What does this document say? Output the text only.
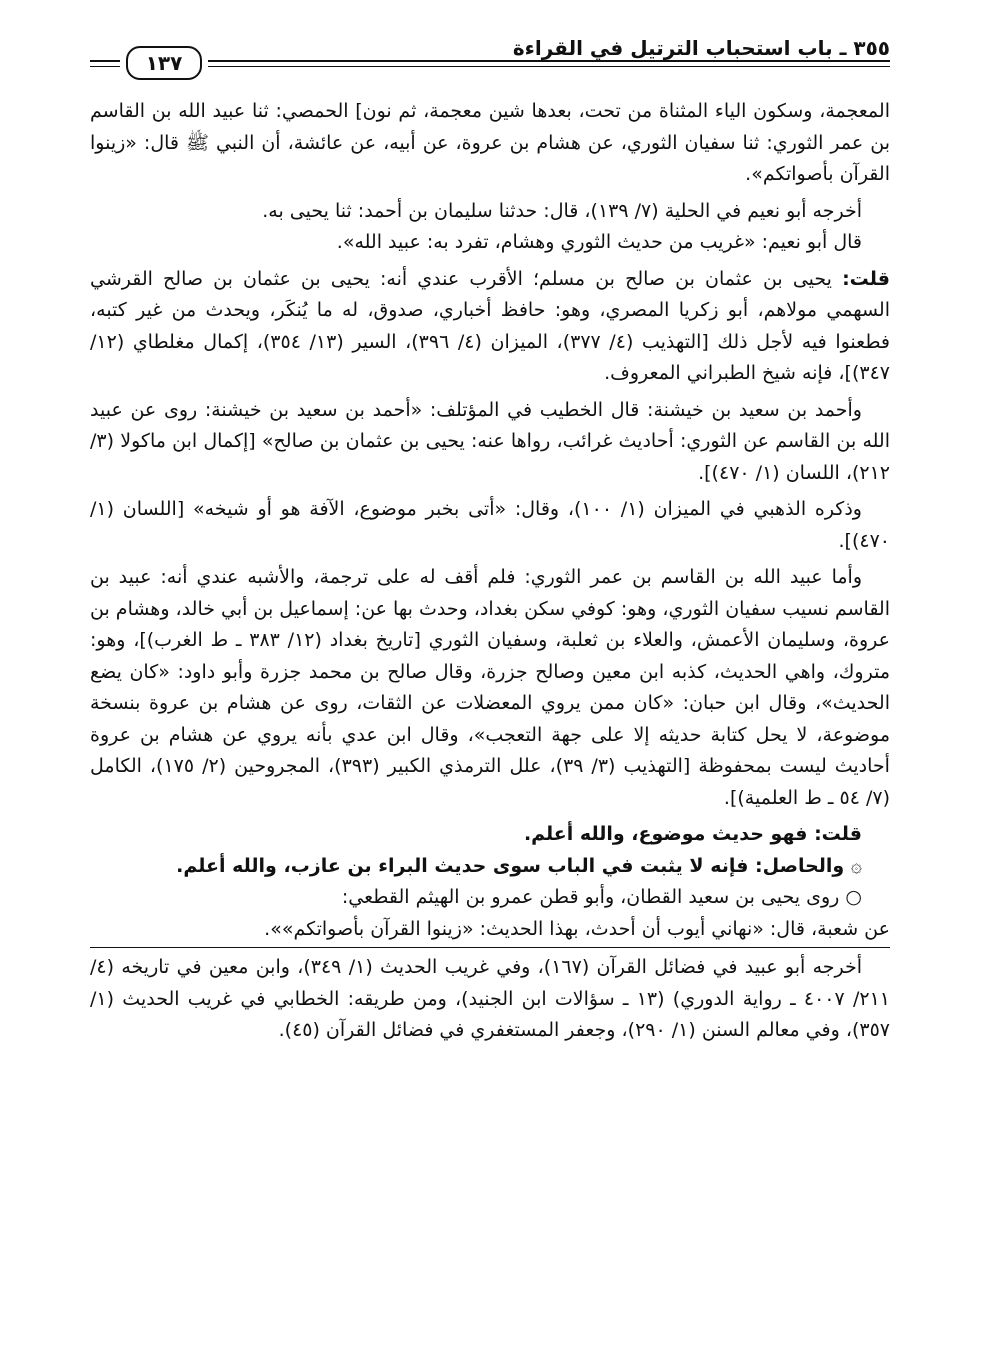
٣٥٥ ـ باب استحباب الترتيل في القراءة
١٣٧

المعجمة، وسكون الياء المثناة من تحت، بعدها شين معجمة، ثم نون] الحمصي: ثنا عبيد الله بن القاسم بن عمر الثوري: ثنا سفيان الثوري، عن هشام بن عروة، عن أبيه، عن عائشة، أن النبي ﷺ قال: «زينوا القرآن بأصواتكم».

أخرجه أبو نعيم في الحلية (٧/ ١٣٩)، قال: حدثنا سليمان بن أحمد: ثنا يحيى به.

قال أبو نعيم: «غريب من حديث الثوري وهشام، تفرد به: عبيد الله».

قلت: يحيى بن عثمان بن صالح بن مسلم؛ الأقرب عندي أنه: يحيى بن عثمان بن صالح القرشي السهمي مولاهم، أبو زكريا المصري، وهو: حافظ أخباري، صدوق، له ما يُنكَر، ويحدث من غير كتبه، فطعنوا فيه لأجل ذلك [التهذيب (٤/ ٣٧٧)، الميزان (٤/ ٣٩٦)، السير (١٣/ ٣٥٤)، إكمال مغلطاي (١٢/ ٣٤٧)]، فإنه شيخ الطبراني المعروف.

وأحمد بن سعيد بن خيشنة: قال الخطيب في المؤتلف: «أحمد بن سعيد بن خيشنة: روى عن عبيد الله بن القاسم عن الثوري: أحاديث غرائب، رواها عنه: يحيى بن عثمان بن صالح» [إكمال ابن ماكولا (٣/ ٢١٢)، اللسان (١/ ٤٧٠)].

وذكره الذهبي في الميزان (١/ ١٠٠)، وقال: «أتى بخبر موضوع، الآفة هو أو شيخه» [اللسان (١/ ٤٧٠)].

وأما عبيد الله بن القاسم بن عمر الثوري: فلم أقف له على ترجمة، والأشبه عندي أنه: عبيد بن القاسم نسيب سفيان الثوري، وهو: كوفي سكن بغداد، وحدث بها عن: إسماعيل بن أبي خالد، وهشام بن عروة، وسليمان الأعمش، والعلاء بن ثعلبة، وسفيان الثوري [تاريخ بغداد (١٢/ ٣٨٣ ـ ط الغرب)]، وهو: متروك، واهي الحديث، كذبه ابن معين وصالح جزرة، وقال صالح بن محمد جزرة وأبو داود: «كان يضع الحديث»، وقال ابن حبان: «كان ممن يروي المعضلات عن الثقات، روى عن هشام بن عروة بنسخة موضوعة، لا يحل كتابة حديثه إلا على جهة التعجب»، وقال ابن عدي بأنه يروي عن هشام بن عروة أحاديث ليست بمحفوظة [التهذيب (٣/ ٣٩)، علل الترمذي الكبير (٣٩٣)، المجروحين (٢/ ١٧٥)، الكامل (٧/ ٥٤ ـ ط العلمية)].

قلت: فهو حديث موضوع، والله أعلم.

۞ والحاصل: فإنه لا يثبت في الباب سوى حديث البراء بن عازب، والله أعلم.

○ روى يحيى بن سعيد القطان، وأبو قطن عمرو بن الهيثم القطعي:

عن شعبة، قال: «نهاني أيوب أن أحدث، بهذا الحديث: «زينوا القرآن بأصواتكم»».

أخرجه أبو عبيد في فضائل القرآن (١٦٧)، وفي غريب الحديث (١/ ٣٤٩)، وابن معين في تاريخه (٤/ ٢١١/ ٤٠٠٧ ـ رواية الدوري) (١٣ ـ سؤالات ابن الجنيد)، ومن طريقه: الخطابي في غريب الحديث (١/ ٣٥٧)، وفي معالم السنن (١/ ٢٩٠)، وجعفر المستغفري في فضائل القرآن (٤٥).
